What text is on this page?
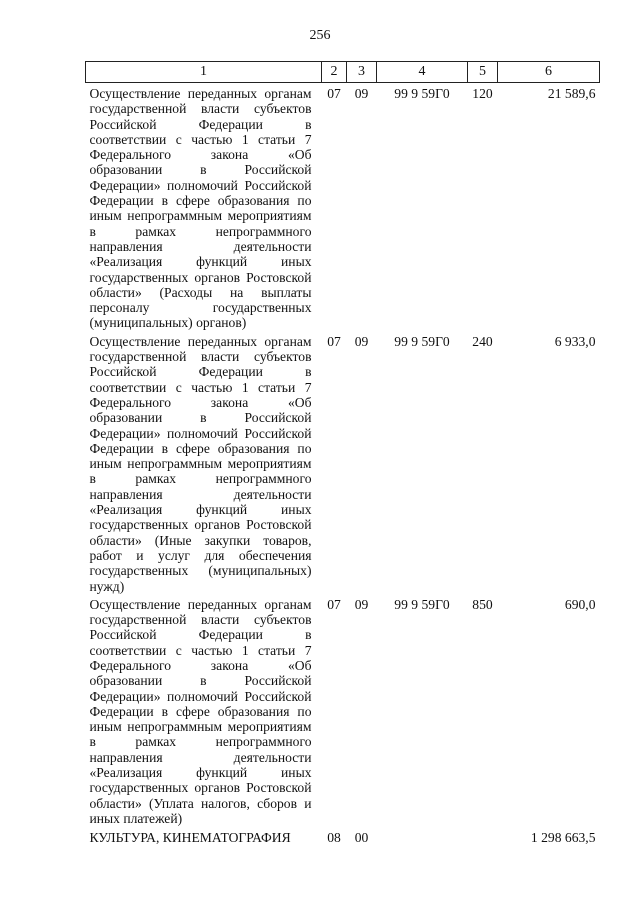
256
1	2	3	4	5	6
Осуществление переданных органам государственной власти субъектов Российской Федерации в соответствии с частью 1 статьи 7 Федерального закона «Об образовании в Российской Федерации» полномочий Российской Федерации в сфере образования по иным непрограммным мероприятиям в рамках непрограммного направления деятельности «Реализация функций иных государственных органов Ростовской области» (Расходы на выплаты персоналу государственных (муниципальных) органов)	07	09	99 9 59Г0	120	21 589,6
Осуществление переданных органам государственной власти субъектов Российской Федерации в соответствии с частью 1 статьи 7 Федерального закона «Об образовании в Российской Федерации» полномочий Российской Федерации в сфере образования по иным непрограммным мероприятиям в рамках непрограммного направления деятельности «Реализация функций иных государственных органов Ростовской области» (Иные закупки товаров, работ и услуг для обеспечения государственных (муниципальных) нужд)	07	09	99 9 59Г0	240	6 933,0
Осуществление переданных органам государственной власти субъектов Российской Федерации в соответствии с частью 1 статьи 7 Федерального закона «Об образовании в Российской Федерации» полномочий Российской Федерации в сфере образования по иным непрограммным мероприятиям в рамках непрограммного направления деятельности «Реализация функций иных государственных органов Ростовской области» (Уплата налогов, сборов и иных платежей)	07	09	99 9 59Г0	850	690,0
КУЛЬТУРА, КИНЕМАТОГРАФИЯ	08	00			1 298 663,5
